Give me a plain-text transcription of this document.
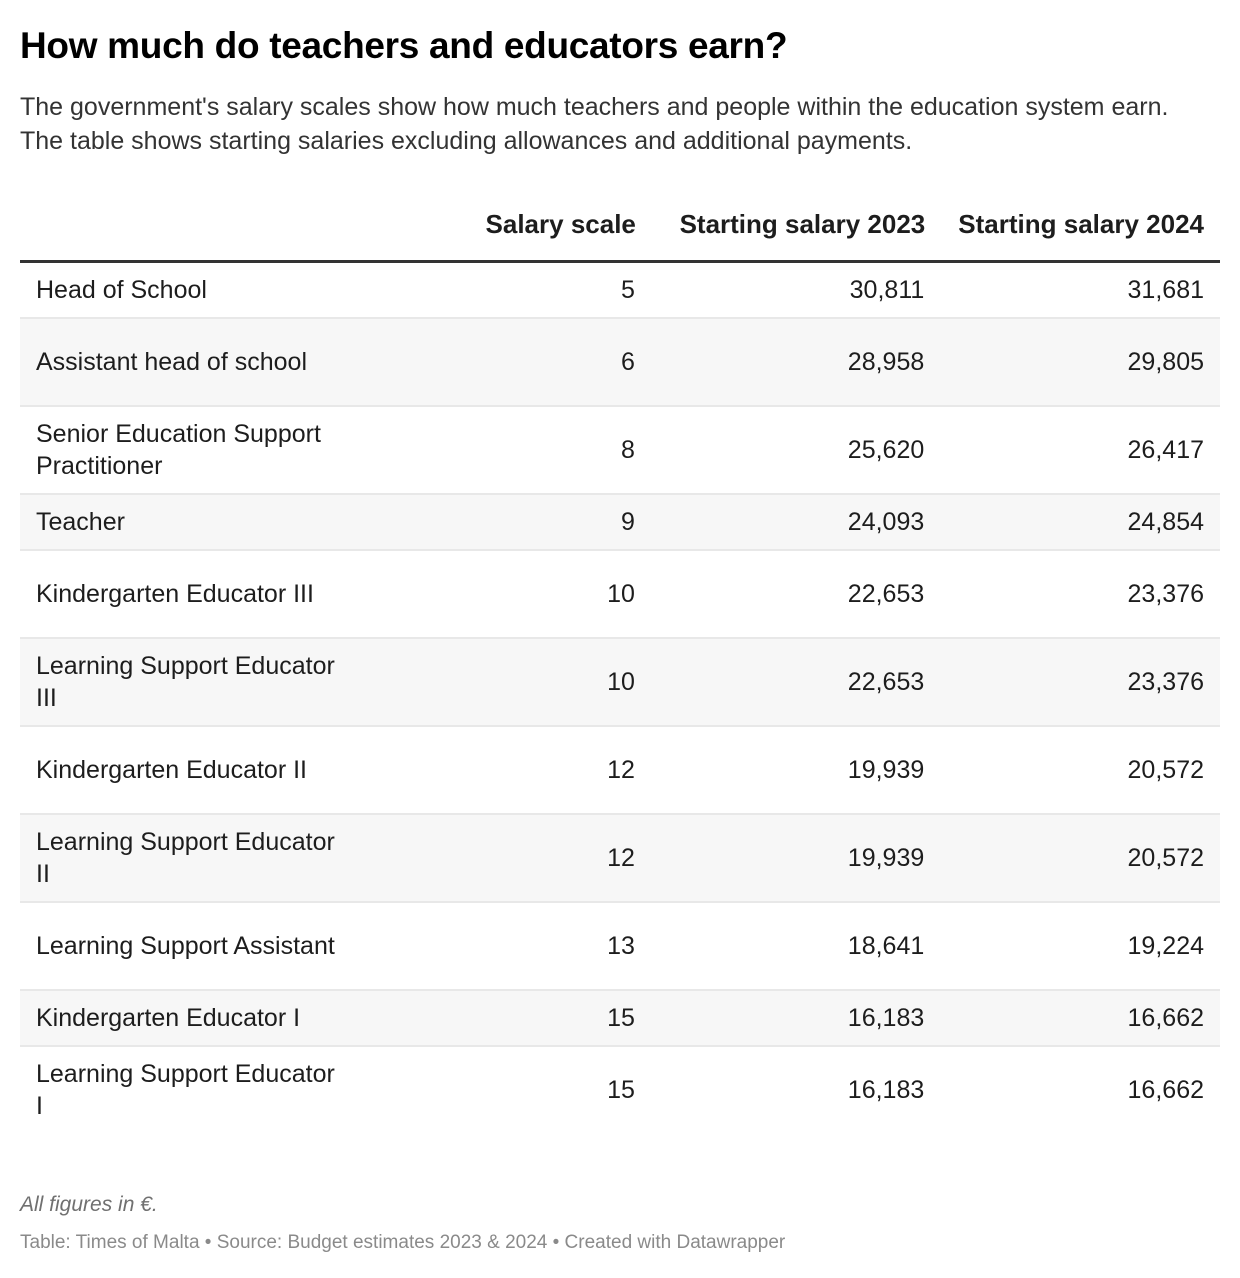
How much do teachers and educators earn?

The government's salary scales show how much teachers and people within the education system earn. The table shows starting salaries excluding allowances and additional payments.

	Salary scale	Starting salary 2023	Starting salary 2024
Head of School	5	30,811	31,681
Assistant head of school	6	28,958	29,805
Senior Education Support Practitioner	8	25,620	26,417
Teacher	9	24,093	24,854
Kindergarten Educator III	10	22,653	23,376
Learning Support Educator III	10	22,653	23,376
Kindergarten Educator II	12	19,939	20,572
Learning Support Educator II	12	19,939	20,572
Learning Support Assistant	13	18,641	19,224
Kindergarten Educator I	15	16,183	16,662
Learning Support Educator I	15	16,183	16,662
All figures in €.
Table: Times of Malta • Source: Budget estimates 2023 & 2024 • Created with Datawrapper
